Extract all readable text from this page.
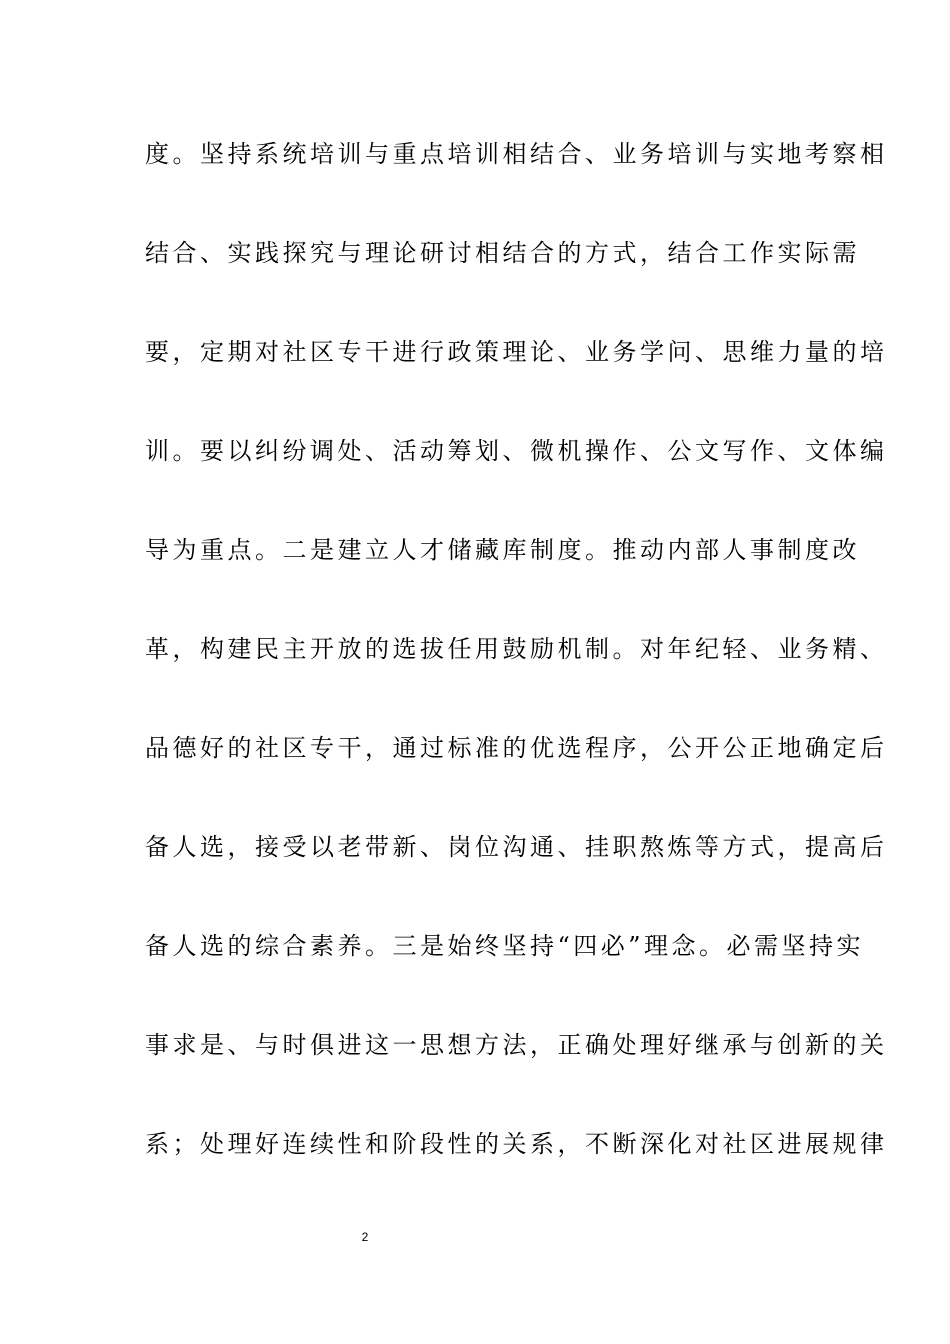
度。坚持系统培训与重点培训相结合、业务培训与实地考察相
结合、实践探究与理论研讨相结合的方式，结合工作实际需
要，定期对社区专干进行政策理论、业务学问、思维力量的培
训。要以纠纷调处、活动筹划、微机操作、公文写作、文体编
导为重点。二是建立人才储藏库制度。推动内部人事制度改
革，构建民主开放的选拔任用鼓励机制。对年纪轻、业务精、
品德好的社区专干，通过标准的优选程序，公开公正地确定后
备人选，接受以老带新、岗位沟通、挂职熬炼等方式，提高后
备人选的综合素养。三是始终坚持“四必”理念。必需坚持实
事求是、与时俱进这一思想方法，正确处理好继承与创新的关
系；处理好连续性和阶段性的关系，不断深化对社区进展规律
2
